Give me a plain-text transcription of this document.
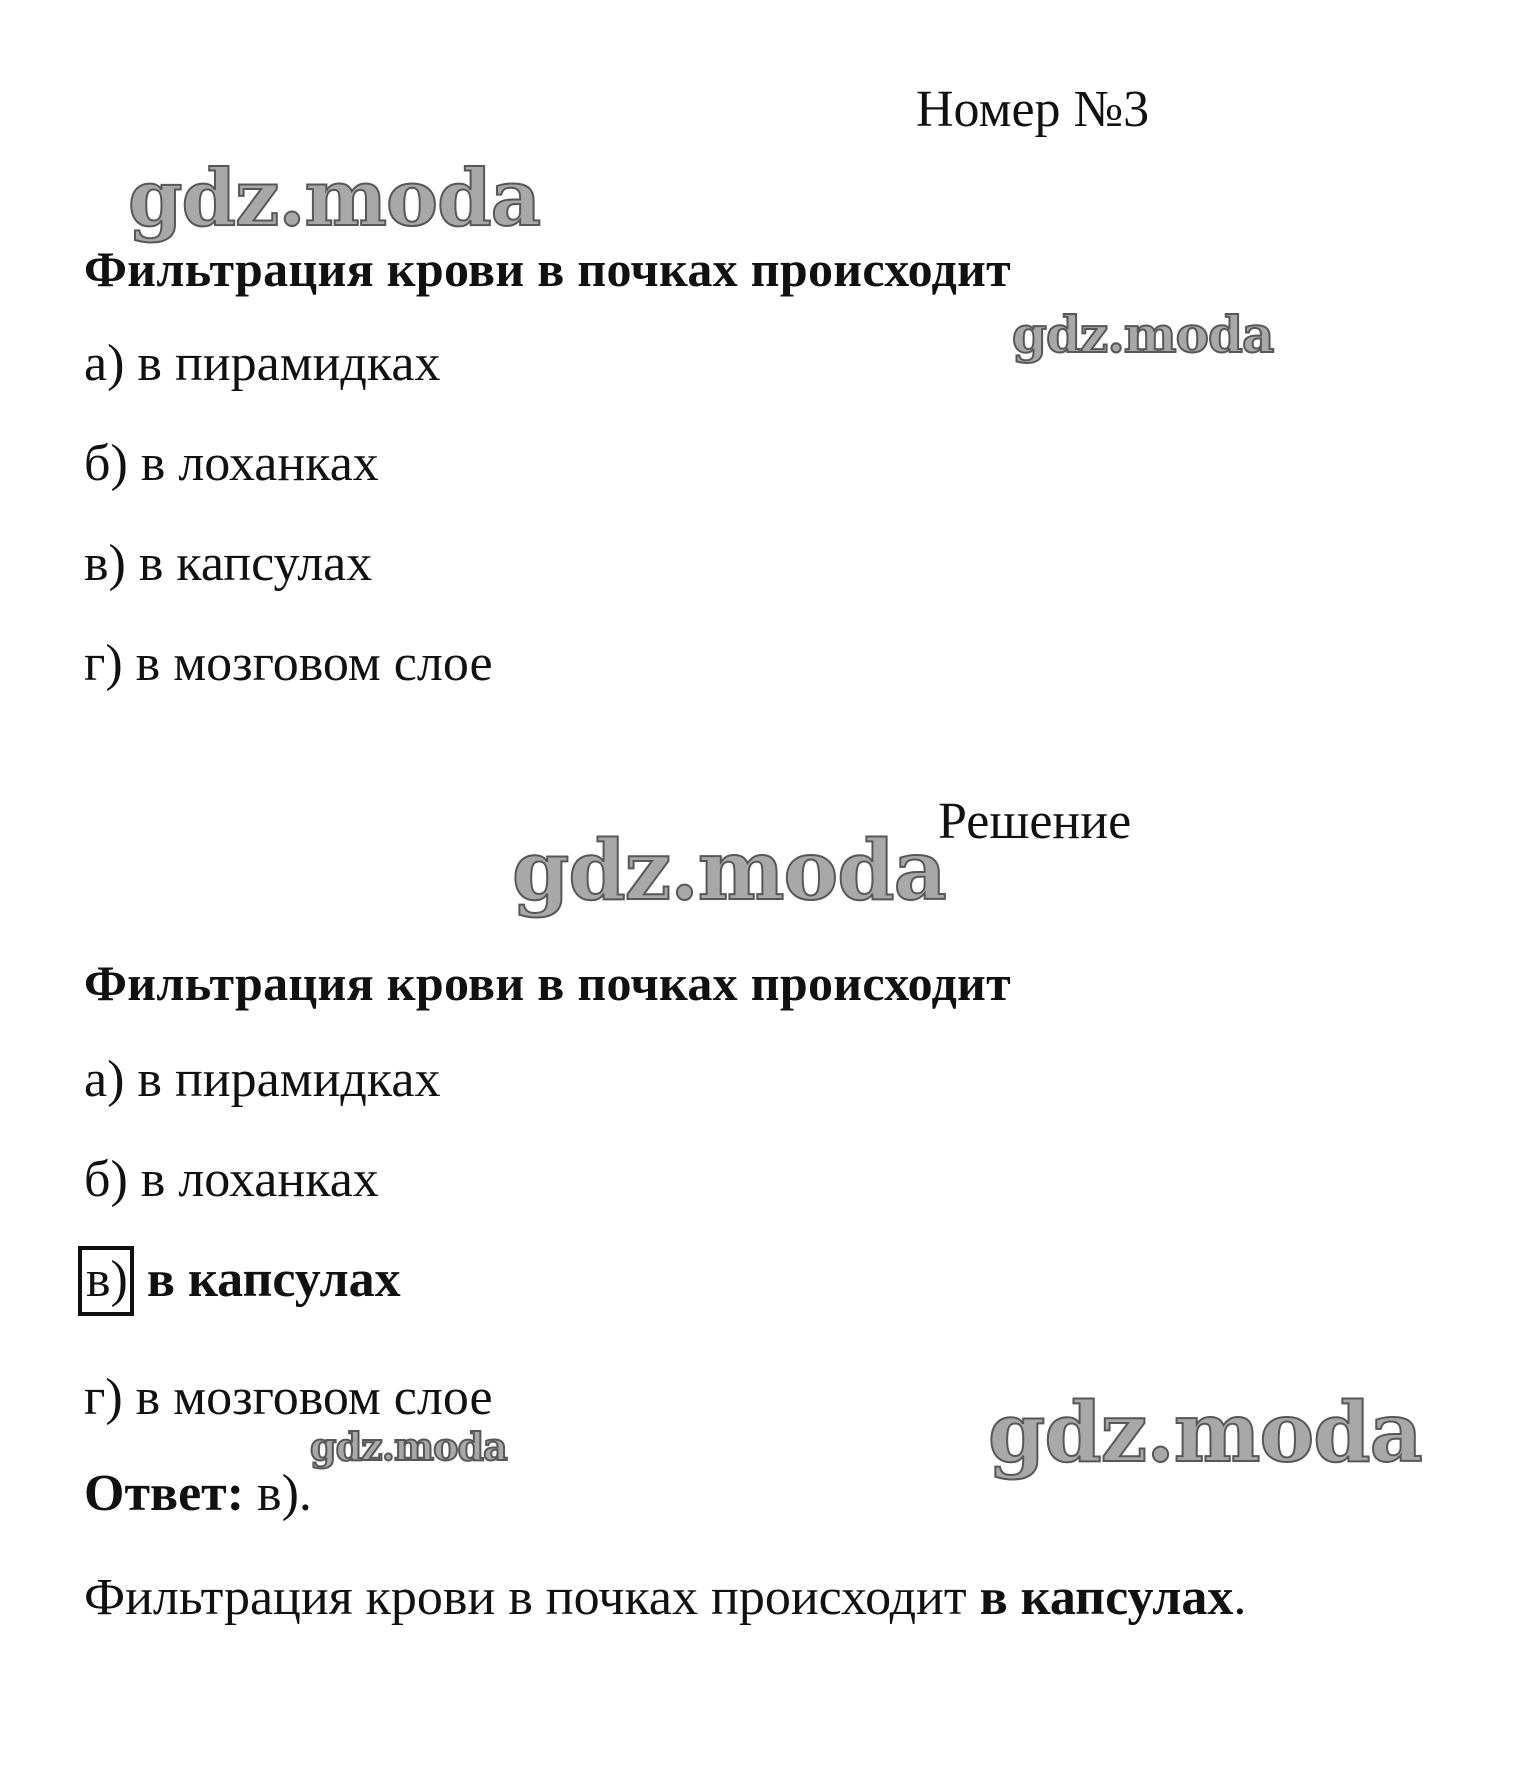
Номер №3
gdz.moda
gdz.moda
gdz.moda
gdz.moda
gdz.moda
Фильтрация крови в почках происходит
а) в пирамидках
б) в лоханках
в) в капсулах
г) в мозговом слое
Решение
Фильтрация крови в почках происходит
а) в пирамидках
б) в лоханках
в) в капсулах
г) в мозговом слое
Ответ: в).
Фильтрация крови в почках происходит в капсулах.
